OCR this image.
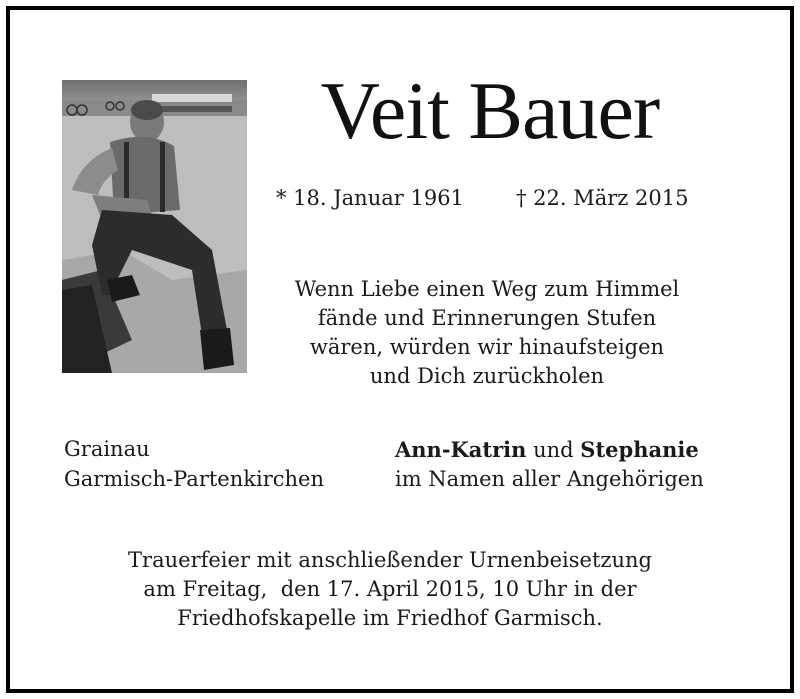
Veit Bauer
* 18. Januar 1961 † 22. März 2015
Wenn Liebe einen Weg zum Himmel
fände und Erinnerungen Stufen
wären, würden wir hinaufsteigen
und Dich zurückholen
Grainau
Garmisch-Partenkirchen
Ann-Katrin und Stephanie
im Namen aller Angehörigen
Trauerfeier mit anschließender Urnenbeisetzung
am Freitag,  den 17. April 2015, 10 Uhr in der
Friedhofskapelle im Friedhof Garmisch.
